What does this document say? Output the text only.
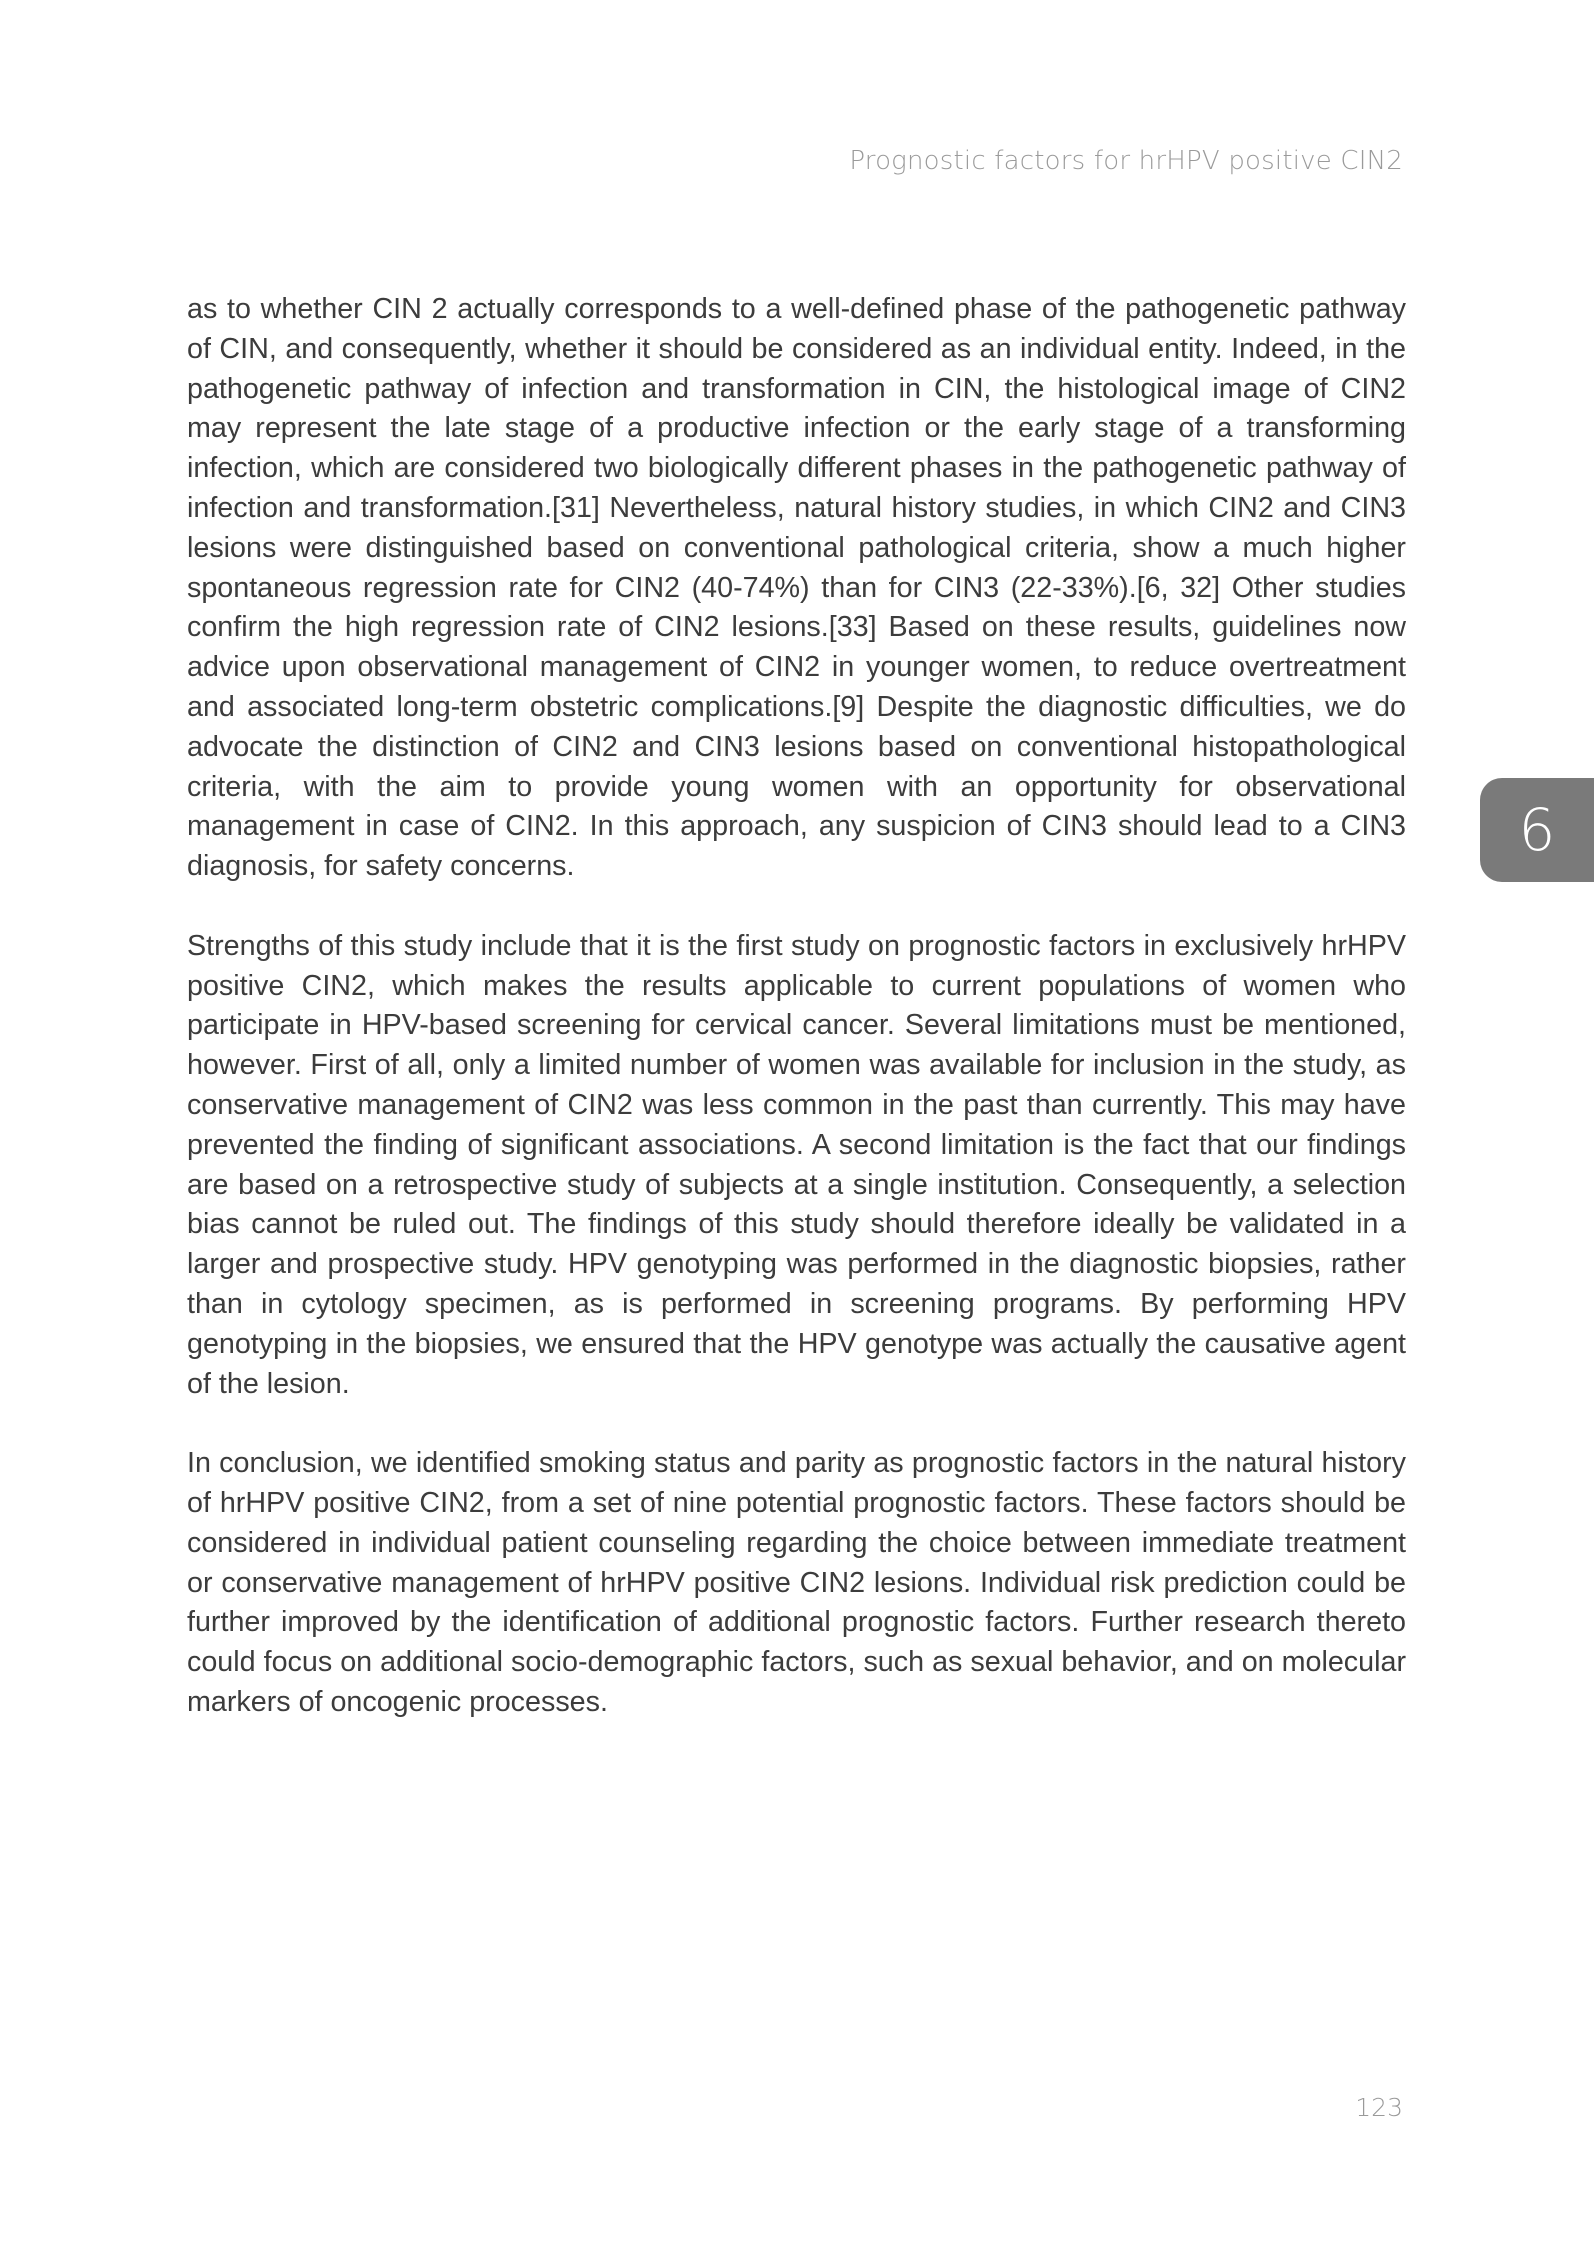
Prognostic factors for hrHPV positive CIN2

as to whether CIN 2 actually corresponds to a well-defined phase of the pathogenetic pathway of CIN, and consequently, whether it should be considered as an individual entity. Indeed, in the pathogenetic pathway of infection and transformation in CIN, the histological image of CIN2 may represent the late stage of a productive infection or the early stage of a transforming infection, which are considered two biologically different phases in the pathogenetic pathway of infection and transformation.[31] Nevertheless, natural history studies, in which CIN2 and CIN3 lesions were distinguished based on conventional pathological criteria, show a much higher spontaneous regression rate for CIN2 (40-74%) than for CIN3 (22-33%).[6, 32] Other studies confirm the high regression rate of CIN2 lesions.[33] Based on these results, guidelines now advice upon observational management of CIN2 in younger women, to reduce overtreatment and associated long-term obstetric complications.[9] Despite the diagnostic difficulties, we do advocate the distinction of CIN2 and CIN3 lesions based on conventional histopathological criteria, with the aim to provide young women with an opportunity for observational management in case of CIN2. In this approach, any suspicion of CIN3 should lead to a CIN3 diagnosis, for safety concerns.

Strengths of this study include that it is the first study on prognostic factors in exclusively hrHPV positive CIN2, which makes the results applicable to current populations of women who participate in HPV-based screening for cervical cancer. Several limitations must be mentioned, however. First of all, only a limited number of women was available for inclusion in the study, as conservative management of CIN2 was less common in the past than currently. This may have prevented the finding of significant associations. A second limitation is the fact that our findings are based on a retrospective study of subjects at a single institution. Consequently, a selection bias cannot be ruled out. The findings of this study should therefore ideally be validated in a larger and prospective study. HPV genotyping was performed in the diagnostic biopsies, rather than in cytology specimen, as is performed in screening programs. By performing HPV genotyping in the biopsies, we ensured that the HPV genotype was actually the causative agent of the lesion.

In conclusion, we identified smoking status and parity as prognostic factors in the natural history of hrHPV positive CIN2, from a set of nine potential prognostic factors. These factors should be considered in individual patient counseling regarding the choice between immediate treatment or conservative management of hrHPV positive CIN2 lesions. Individual risk prediction could be further improved by the identification of additional prognostic factors. Further research thereto could focus on additional socio-demographic factors, such as sexual behavior, and on molecular markers of oncogenic processes.

6
123
